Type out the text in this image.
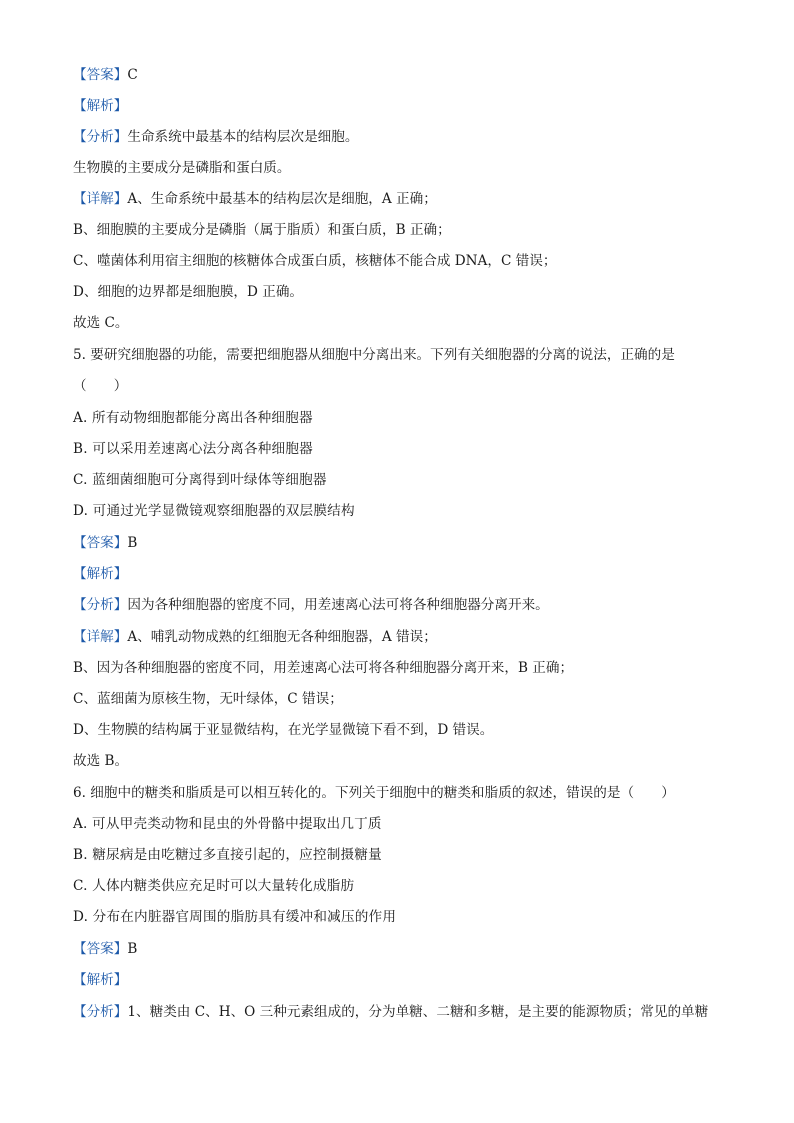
【答案】C
【解析】
【分析】生命系统中最基本的结构层次是细胞。
生物膜的主要成分是磷脂和蛋白质。
【详解】A、生命系统中最基本的结构层次是细胞，A 正确；
B、细胞膜的主要成分是磷脂（属于脂质）和蛋白质，B 正确；
C、噬菌体利用宿主细胞的核糖体合成蛋白质，核糖体不能合成 DNA，C 错误；
D、细胞的边界都是细胞膜，D 正确。
故选 C。
5. 要研究细胞器的功能，需要把细胞器从细胞中分离出来。下列有关细胞器的分离的说法，正确的是
（　　）
A. 所有动物细胞都能分离出各种细胞器
B. 可以采用差速离心法分离各种细胞器
C. 蓝细菌细胞可分离得到叶绿体等细胞器
D. 可通过光学显微镜观察细胞器的双层膜结构
【答案】B
【解析】
【分析】因为各种细胞器的密度不同，用差速离心法可将各种细胞器分离开来。
【详解】A、哺乳动物成熟的红细胞无各种细胞器，A 错误；
B、因为各种细胞器的密度不同，用差速离心法可将各种细胞器分离开来，B 正确；
C、蓝细菌为原核生物，无叶绿体，C 错误；
D、生物膜的结构属于亚显微结构，在光学显微镜下看不到，D 错误。
故选 B。
6. 细胞中的糖类和脂质是可以相互转化的。下列关于细胞中的糖类和脂质的叙述，错误的是（　　）
A. 可从甲壳类动物和昆虫的外骨骼中提取出几丁质
B. 糖尿病是由吃糖过多直接引起的，应控制摄糖量
C. 人体内糖类供应充足时可以大量转化成脂肪
D. 分布在内脏器官周围的脂肪具有缓冲和减压的作用
【答案】B
【解析】
【分析】1、糖类由 C、H、O 三种元素组成的，分为单糖、二糖和多糖，是主要的能源物质；常见的单糖
